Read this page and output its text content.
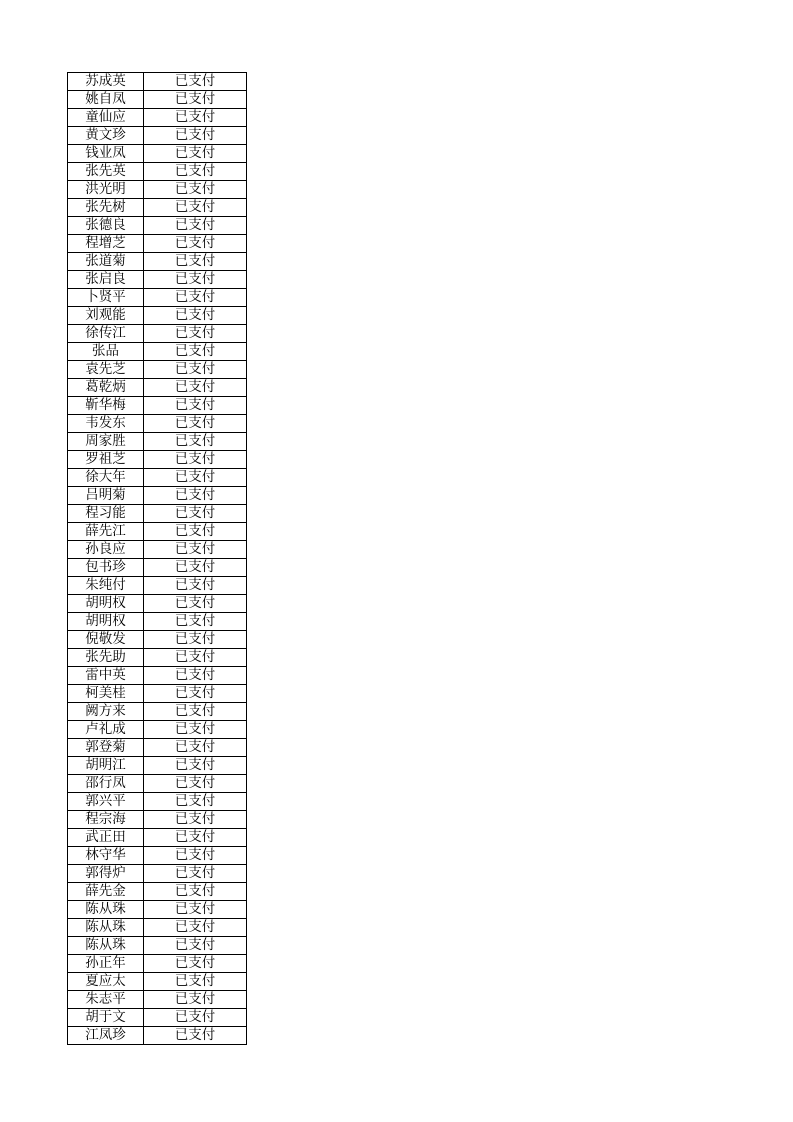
苏成英	已支付
姚自凤	已支付
童仙应	已支付
黄文珍	已支付
钱业凤	已支付
张先英	已支付
洪光明	已支付
张先树	已支付
张德良	已支付
程增芝	已支付
张道菊	已支付
张启良	已支付
卜贤平	已支付
刘观能	已支付
徐传江	已支付
张品	已支付
袁先芝	已支付
葛乾炳	已支付
靳华梅	已支付
韦发东	已支付
周家胜	已支付
罗祖芝	已支付
徐大年	已支付
吕明菊	已支付
程习能	已支付
薛先江	已支付
孙良应	已支付
包书珍	已支付
朱纯付	已支付
胡明权	已支付
胡明权	已支付
倪敬发	已支付
张先助	已支付
雷中英	已支付
柯美桂	已支付
阙方来	已支付
卢礼成	已支付
郭登菊	已支付
胡明江	已支付
邵行凤	已支付
郭兴平	已支付
程宗海	已支付
武正田	已支付
林守华	已支付
郭得炉	已支付
薛先金	已支付
陈从珠	已支付
陈从珠	已支付
陈从珠	已支付
孙正年	已支付
夏应太	已支付
朱志平	已支付
胡于文	已支付
江凤珍	已支付
